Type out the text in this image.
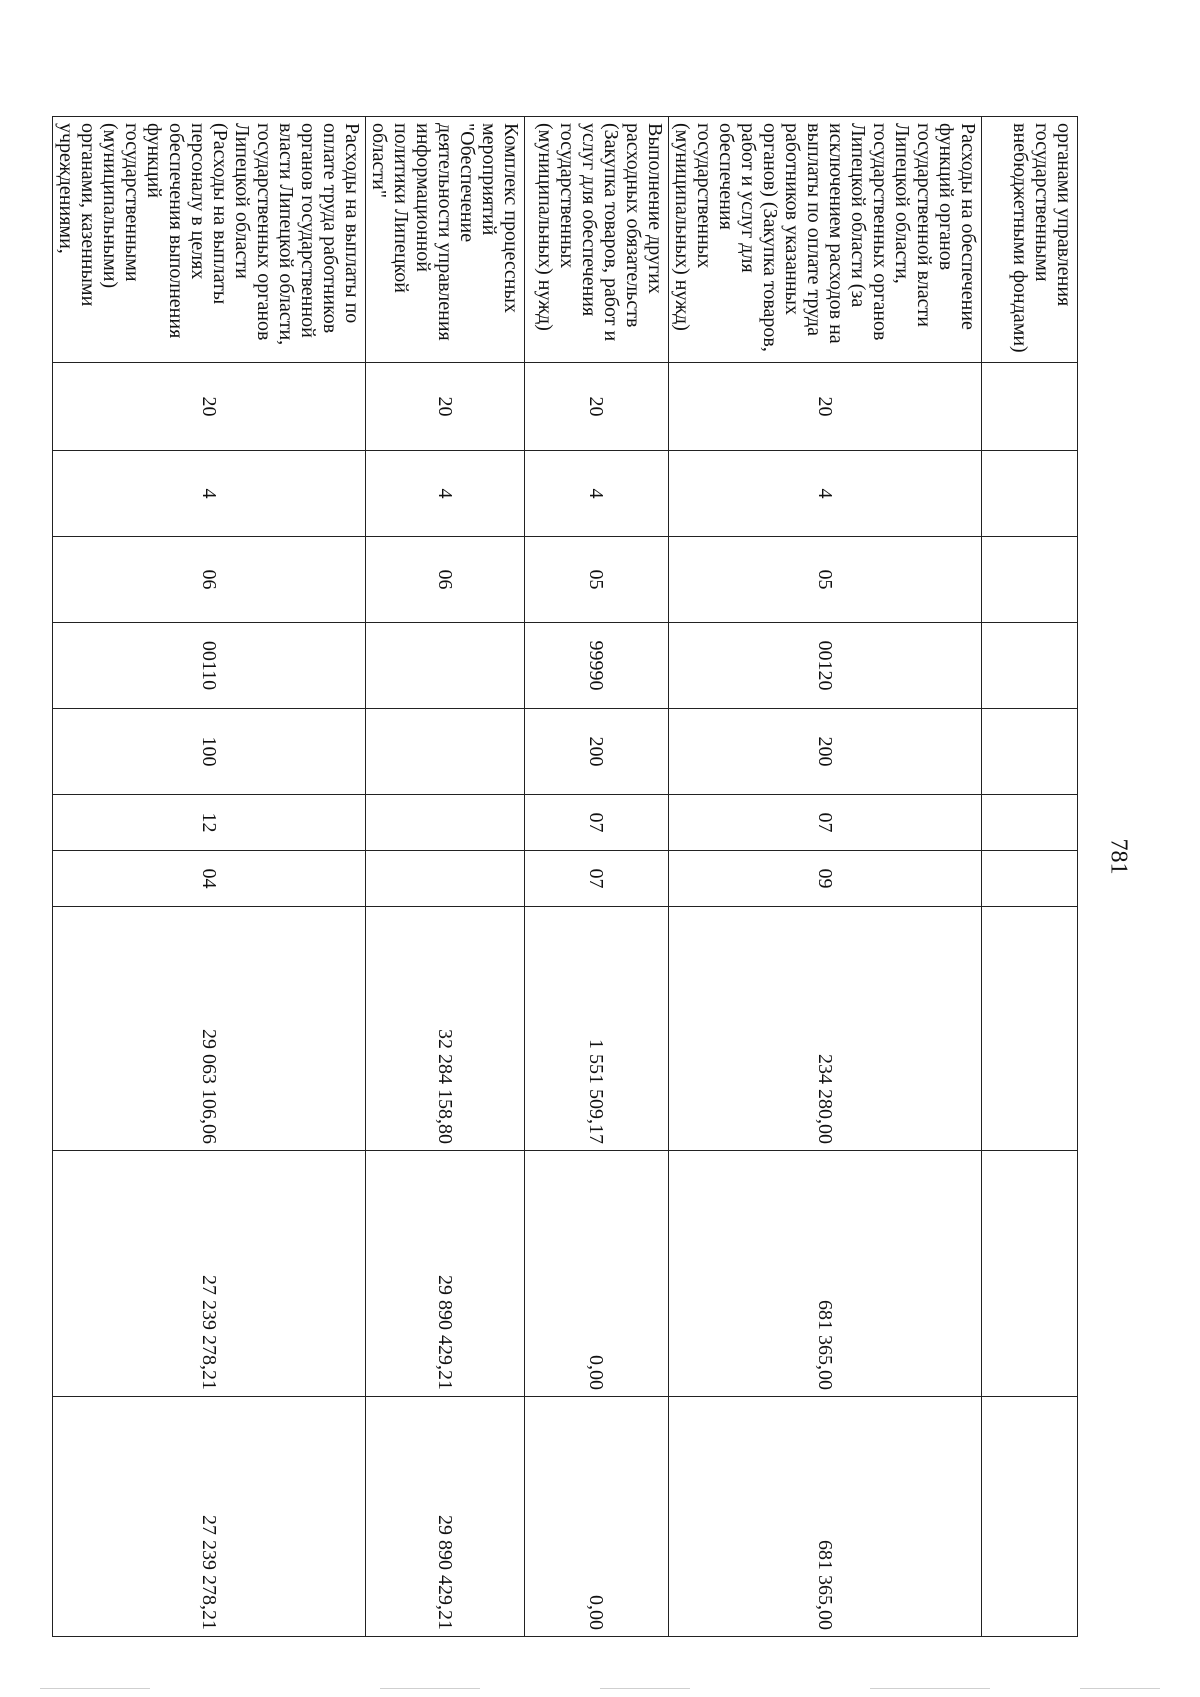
781
органами управления государственными внебюджетными фондами)										
Расходы на обеспечение функций органов государственной власти Липецкой области, государственных органов Липецкой области (за исключением расходов на выплаты по оплате труда работников указанных органов) (Закупка товаров, работ и услуг для обеспечения государственных (муниципальных) нужд)	20	4	05	00120	200	07	09	234 280,00	681 365,00	681 365,00
Выполнение других расходных обязательств (Закупка товаров, работ и услуг для обеспечения государственных (муниципальных) нужд)	20	4	05	99990	200	07	07	1 551 509,17	0,00	0,00
Комплекс процессных мероприятий "Обеспечение деятельности управления информационной политики Липецкой области"	20	4	06					32 284 158,80	29 890 429,21	29 890 429,21
Расходы на выплаты по оплате труда работников органов государственной власти Липецкой области, государственных органов Липецкой области (Расходы на выплаты персоналу в целях обеспечения выполнения функций государственными (муниципальными) органами, казенными учреждениями,	20	4	06	00110	100	12	04	29 063 106,06	27 239 278,21	27 239 278,21
